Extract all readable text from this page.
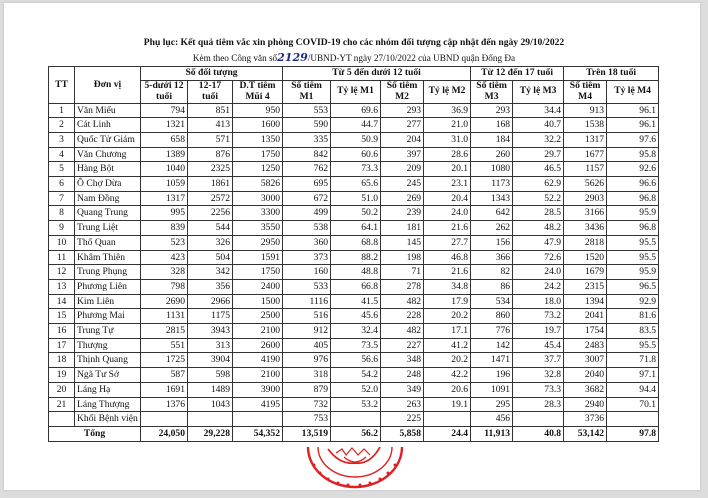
Phụ lục: Kết quả tiêm vắc xin phòng COVID-19 cho các nhóm đối tượng cập nhật đến ngày 29/10/2022
Kèm theo Công văn số2129/UBND-YT ngày 27/10/2022 của UBND quận Đống Đa
TT	Đơn vị	Số đối tượng			Từ 5 đến dưới 12 tuổi				Từ 12 đến 17 tuổi		Trên 18 tuổi	
		5-dưới 12 tuổi	12-17 tuổi	D.T tiêm Mũi 4	Số tiêm M1	Tỷ lệ M1	Số tiêm M2	Tỷ lệ M2	Số tiêm M3	Tỷ lệ M3	Số tiêm M4	Tỷ lệ M4
1	Văn Miếu	794	851	950	553	69.6	293	36.9	293	34.4	913	96.1
2	Cát Linh	1321	413	1600	590	44.7	277	21.0	168	40.7	1538	96.1
3	Quốc Tử Giám	658	571	1350	335	50.9	204	31.0	184	32.2	1317	97.6
4	Văn Chương	1389	876	1750	842	60.6	397	28.6	260	29.7	1677	95.8
5	Hàng Bột	1040	2325	1250	762	73.3	209	20.1	1080	46.5	1157	92.6
6	Ô Chợ Dừa	1059	1861	5826	695	65.6	245	23.1	1173	62.9	5626	96.6
7	Nam Đồng	1317	2572	3000	672	51.0	269	20.4	1343	52.2	2903	96.8
8	Quang Trung	995	2256	3300	499	50.2	239	24.0	642	28.5	3166	95.9
9	Trung Liệt	839	544	3550	538	64.1	181	21.6	262	48.2	3436	96.8
10	Thổ Quan	523	326	2950	360	68.8	145	27.7	156	47.9	2818	95.5
11	Khâm Thiên	423	504	1591	373	88.2	198	46.8	366	72.6	1520	95.5
12	Trung Phụng	328	342	1750	160	48.8	71	21.6	82	24.0	1679	95.9
13	Phương Liên	798	356	2400	533	66.8	278	34.8	86	24.2	2315	96.5
14	Kim Liên	2690	2966	1500	1116	41.5	482	17.9	534	18.0	1394	92.9
15	Phương Mai	1131	1175	2500	516	45.6	228	20.2	860	73.2	2041	81.6
16	Trung Tự	2815	3943	2100	912	32.4	482	17.1	776	19.7	1754	83.5
17	Thượng	551	313	2600	405	73.5	227	41.2	142	45.4	2483	95.5
18	Thịnh Quang	1725	3904	4190	976	56.6	348	20.2	1471	37.7	3007	71.8
19	Ngã Tư Sở	587	598	2100	318	54.2	248	42.2	196	32.8	2040	97.1
20	Láng Hạ	1691	1489	3900	879	52.0	349	20.6	1091	73.3	3682	94.4
21	Láng Thượng	1376	1043	4195	732	53.2	263	19.1	295	28.3	2940	70.1
	Khối Bệnh viện				753		225		456		3736	
Tổng		24,050	29,228	54,352	13,519	56.2	5,858	24.4	11,913	40.8	53,142	97.8
